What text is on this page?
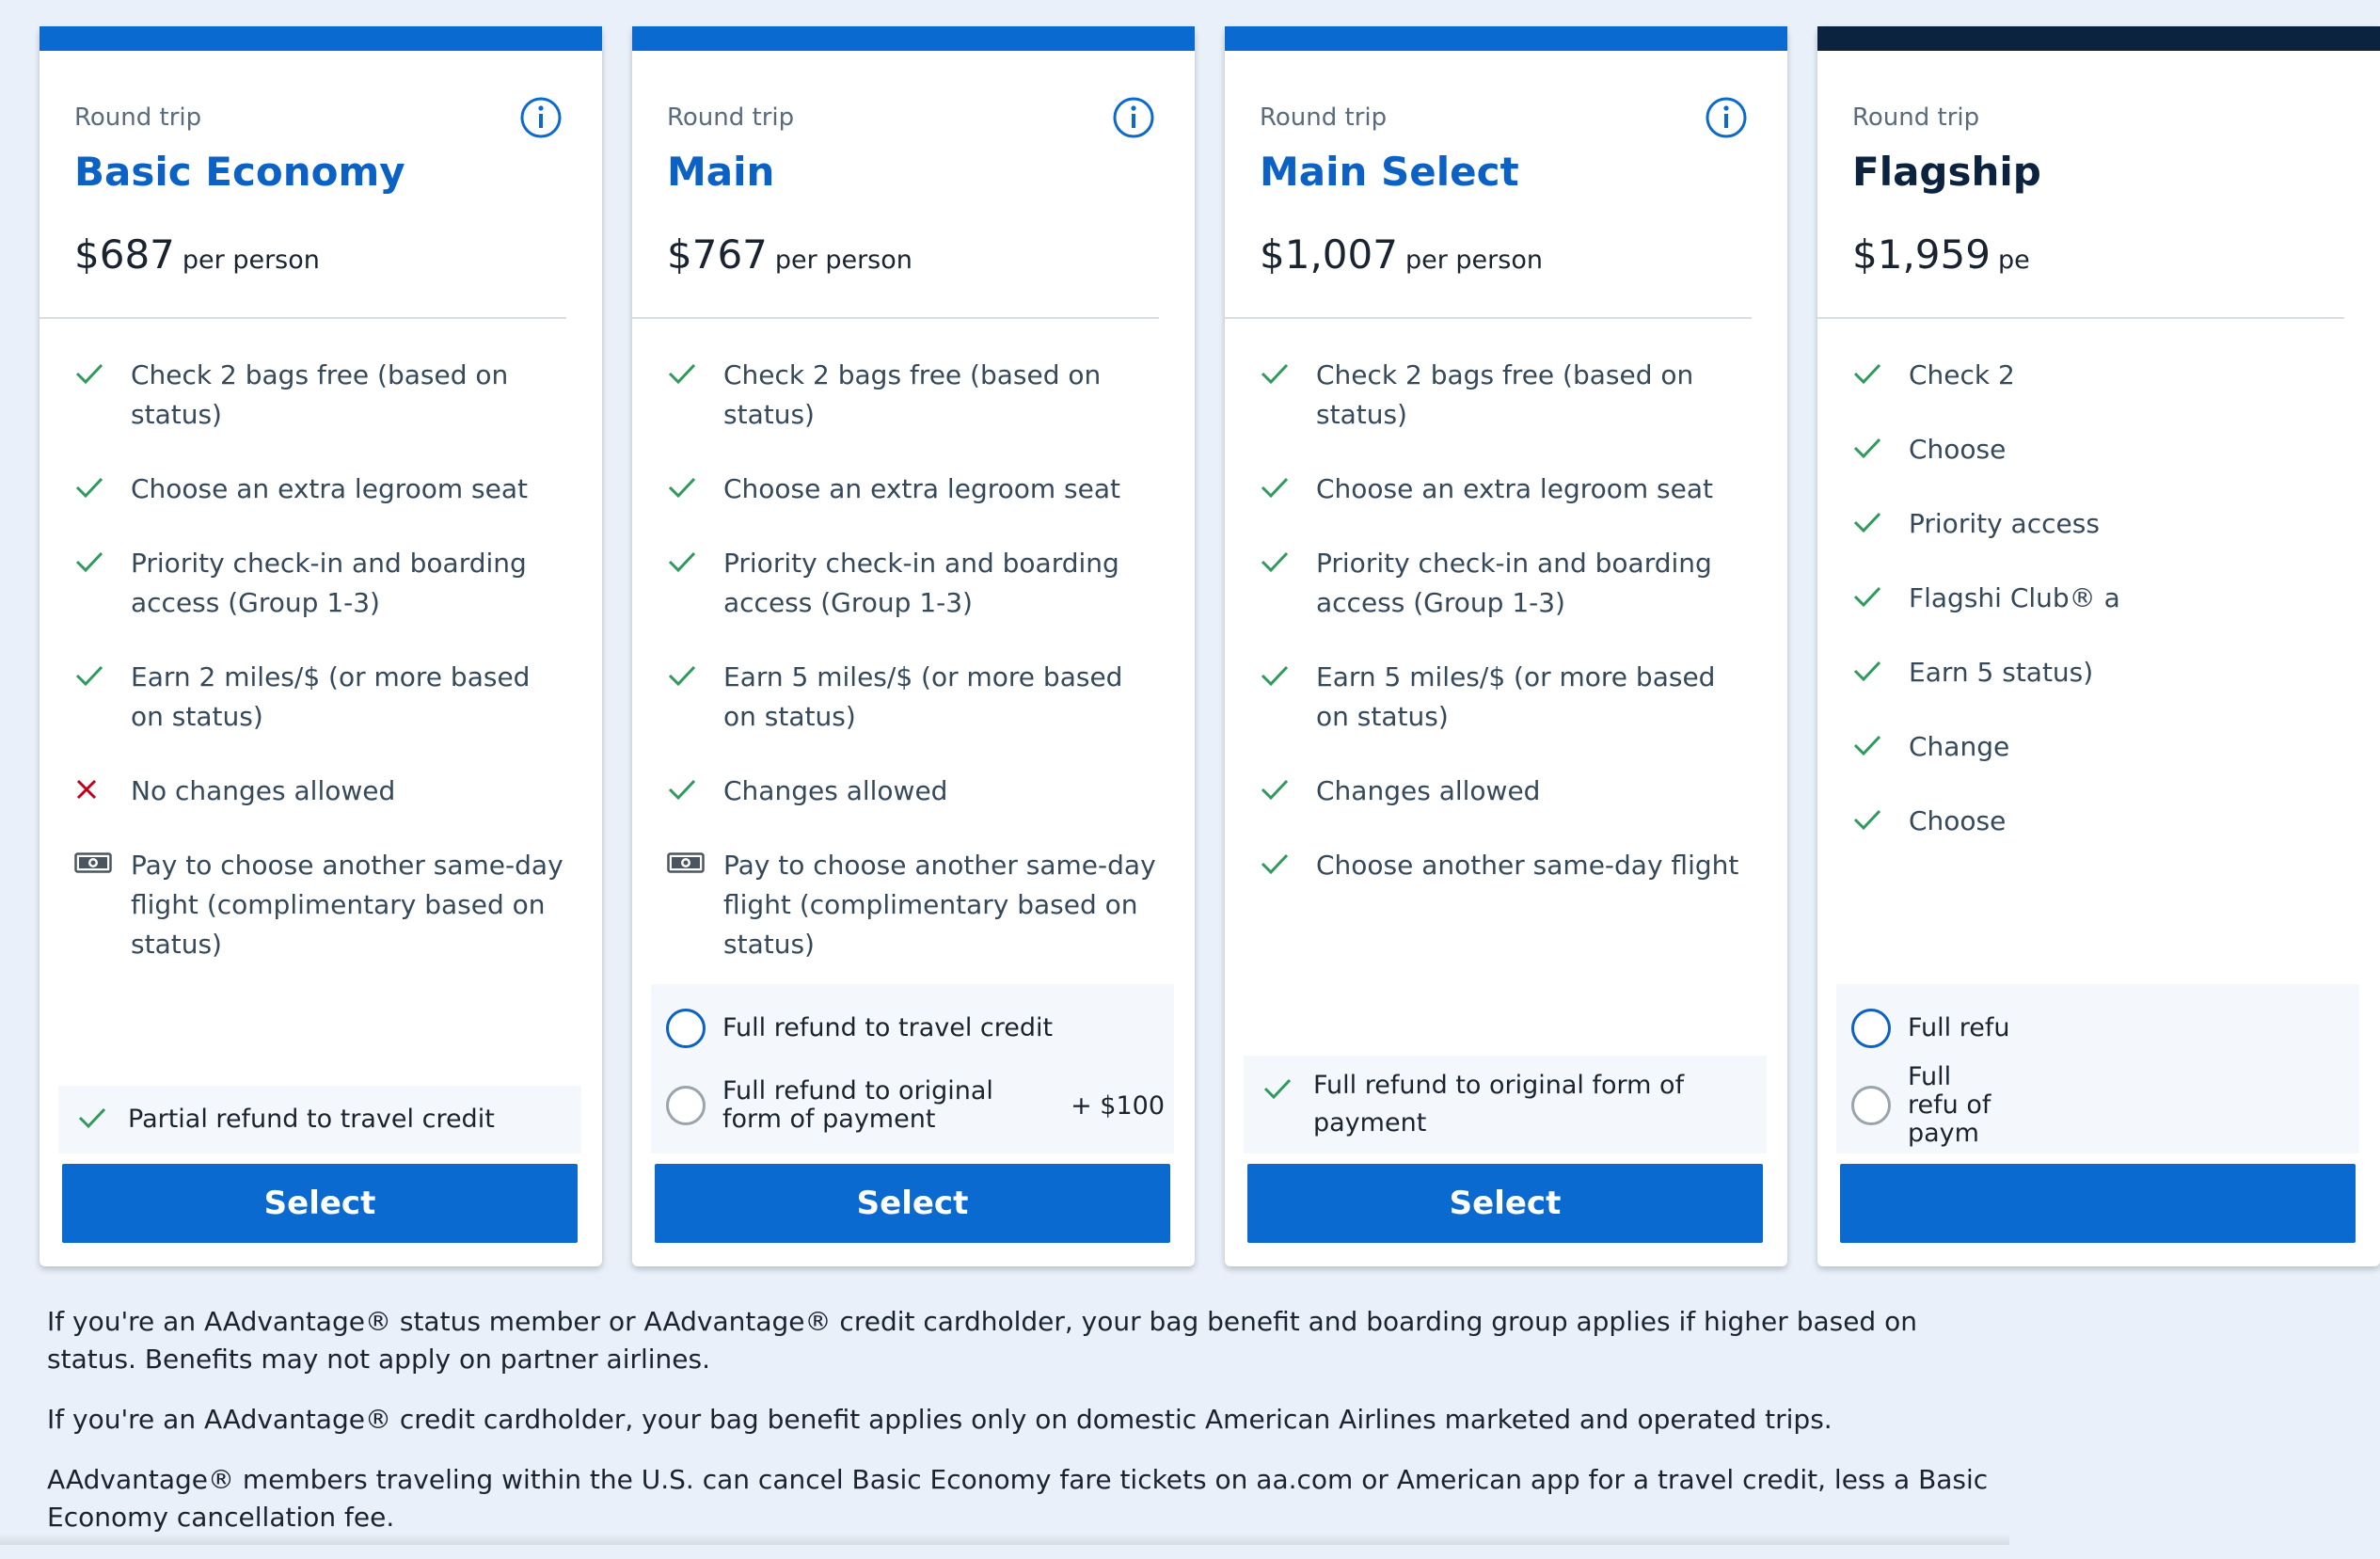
Round trip
Basic Economy
$687 per person
Check 2 bags free (based on status)
Choose an extra legroom seat
Priority check-in and boarding access (Group 1-3)
Earn 2 miles/$ (or more based on status)
No changes allowed
Pay to choose another same-day flight (complimentary based on status)
Partial refund to travel credit
Select
Round trip
Main
$767 per person
Check 2 bags free (based on status)
Choose an extra legroom seat
Priority check-in and boarding access (Group 1-3)
Earn 5 miles/$ (or more based on status)
Changes allowed
Pay to choose another same-day flight (complimentary based on status)
Full refund to travel credit
Full refund to original form of payment	+ $100
Select
Round trip
Main Select
$1,007 per person
Check 2 bags free (based on status)
Choose an extra legroom seat
Priority check-in and boarding access (Group 1-3)
Earn 5 miles/$ (or more based on status)
Changes allowed
Choose another same-day flight
Full refund to original form of payment
Select
Round trip
Flagship
$1,959 pe
Check 2
Choose
Priority access
Flagshi Club® a
Earn 5 status)
Change
Choose
Full refu
Full refu of paym

If you're an AAdvantage® status member or AAdvantage® credit cardholder, your bag benefit and boarding group applies if higher based on status. Benefits may not apply on partner airlines.

If you're an AAdvantage® credit cardholder, your bag benefit applies only on domestic American Airlines marketed and operated trips.

AAdvantage® members traveling within the U.S. can cancel Basic Economy fare tickets on aa.com or American app for a travel credit, less a Basic Economy cancellation fee.
